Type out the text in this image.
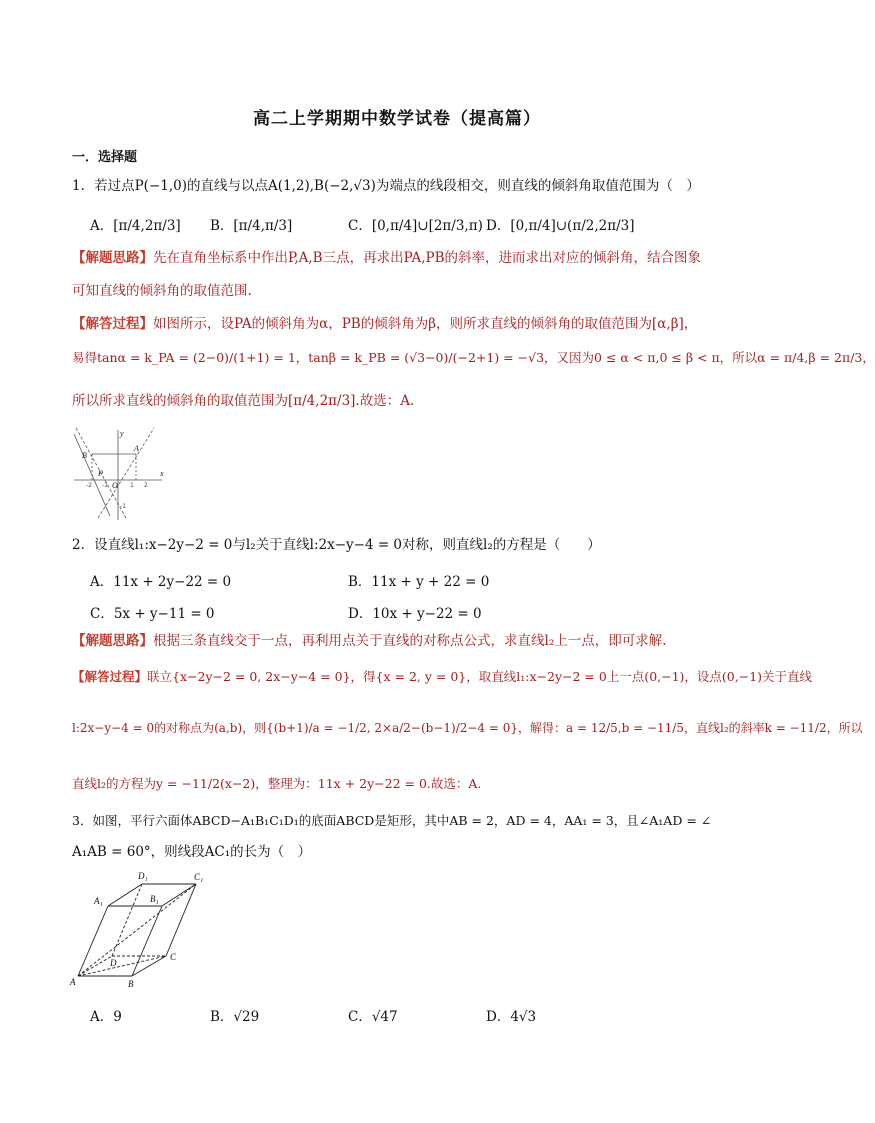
高二上学期期中数学试卷（提高篇）
一．选择题
1．若过点P(−1,0)的直线与以点A(1,2),B(−2,√3)为端点的线段相交，则直线的倾斜角取值范围为（　）
A．[π/4,2π/3] B．[π/4,π/3]	C．[0,π/4]∪[2π/3,π) D．[0,π/4]∪(π/2,2π/3]
【解题思路】先在直角坐标系中作出P,A,B三点，再求出PA,PB的斜率，进而求出对应的倾斜角，结合图象
可知直线的倾斜角的取值范围.
【解答过程】如图所示，设PA的倾斜角为α，PB的倾斜角为β，则所求直线的倾斜角的取值范围为[α,β]，
易得tanα = k_PA = (2−0)/(1+1) = 1，tanβ = k_PB = (√3−0)/(−2+1) = −√3，又因为0 ≤ α < π,0 ≤ β < π，所以α = π/4,β = 2π/3，
所以所求直线的倾斜角的取值范围为[π/4,2π/3].故选：A.
y
x
A
B
P
O 1 2
-1
-2
-1
2．设直线l₁:x−2y−2 = 0与l₂关于直线l:2x−y−4 = 0对称，则直线l₂的方程是（　　）
A．11x + 2y−22 = 0	B．11x + y + 22 = 0
C．5x + y−11 = 0	D．10x + y−22 = 0
【解题思路】根据三条直线交于一点，再利用点关于直线的对称点公式，求直线l₂上一点，即可求解.
【解答过程】联立{x−2y−2 = 0, 2x−y−4 = 0}，得{x = 2, y = 0}，取直线l₁:x−2y−2 = 0上一点(0,−1)，设点(0,−1)关于直线
l:2x−y−4 = 0的对称点为(a,b)，则{(b+1)/a = −1/2, 2×a/2−(b−1)/2−4 = 0}，解得：a = 12/5,b = −11/5，直线l₂的斜率k = −11/2，所以
直线l₂的方程为y = −11/2(x−2)，整理为：11x + 2y−22 = 0.故选：A.
3．如图，平行六面体ABCD−A₁B₁C₁D₁的底面ABCD是矩形，其中AB = 2，AD = 4，AA₁ = 3，且∠A₁AD = ∠
A₁AB = 60°，则线段AC₁的长为（　）
A	B
C
D
A₁	B₁
C₁
D₁
A．9	B．√29	C．√47	D．4√3
